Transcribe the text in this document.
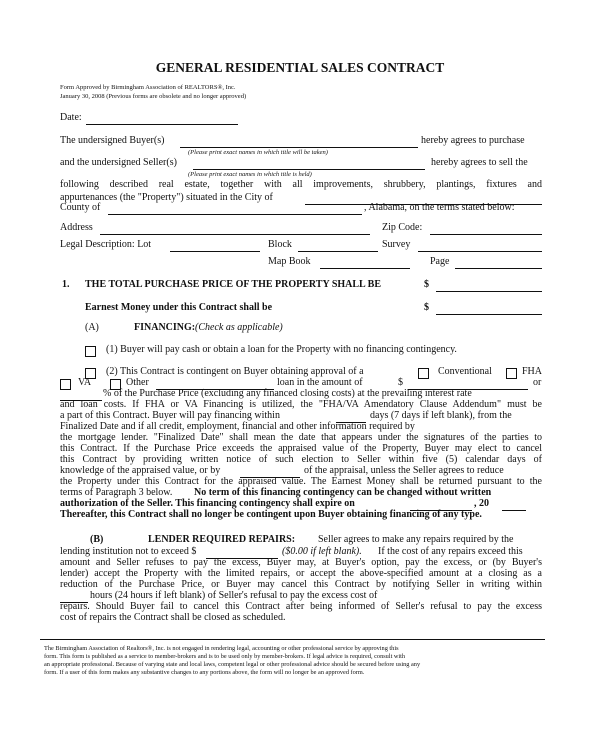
GENERAL RESIDENTIAL SALES CONTRACT
Form Approved by Birmingham Association of REALTORS®, Inc.
January 30, 2008 (Previous forms are obsolete and no longer approved)
Date:
The undersigned Buyer(s)	hereby agrees to purchase
(Please print exact names in which title will be taken)
and the undersigned Seller(s)	hereby agrees to sell the
(Please print exact names in which title is held)
following described real estate, together with all improvements, shrubbery, plantings, fixtures and
appurtenances (the "Property") situated in the City of
County of	, Alabama, on the terms stated below:
Address	Zip Code:
Legal Description: Lot	Block	Survey
Map Book	Page
1. THE TOTAL PURCHASE PRICE OF THE PROPERTY SHALL BE	$
Earnest Money under this Contract shall be	$
(A)	FINANCING: (Check as applicable)
(1) Buyer will pay cash or obtain a loan for the Property with no financing contingency.
(2) This Contract is contingent on Buyer obtaining approval of a	Conventional	FHA
VA	Other	loan in the amount of	$	or
% of the Purchase Price (excluding any financed closing costs) at the prevailing interest rate
and loan costs. If FHA or VA Financing is utilized, the "FHA/VA Amendatory Clause Addendum" must be
a part of this Contract. Buyer will pay financing within	days (7 days if left blank), from the
Finalized Date and if all credit, employment, financial and other information required by
the mortgage lender. "Finalized Date" shall mean the date that appears under the signatures of the parties to
this Contract. If the Purchase Price exceeds the appraised value of the Property, Buyer may elect to cancel
this Contract by providing written notice of such election to Seller within five (5) calendar days of
knowledge of the appraised value, or by	of the appraisal, unless the Seller agrees to reduce
the Property under this Contract for the appraised value. The Earnest Money shall be returned pursuant to the
terms of Paragraph 3 below. No term of this financing contingency can be changed without written
authorization of the Seller. This financing contingency shall expire on	, 20
Thereafter, this Contract shall no longer be contingent upon Buyer obtaining financing of any type.
(B)	LENDER REQUIRED REPAIRS: Seller agrees to make any repairs required by the
lending institution not to exceed $	($0.00 if left blank). If the cost of any repairs exceed this
amount and Seller refuses to pay the excess, Buyer may, at Buyer's option, pay the excess, or (by Buyer's
lender) accept the Property with the limited repairs, or accept the above-specified amount at a closing as a
reduction of the Purchase Price, or Buyer may cancel this Contract by notifying Seller in writing within
hours (24 hours if left blank) of Seller's refusal to pay the excess cost of
repairs. Should Buyer fail to cancel this Contract after being informed of Seller's refusal to pay the excess
cost of repairs the Contract shall be closed as scheduled.
The Birmingham Association of Realtors®, Inc. is not engaged in rendering legal, accounting or other professional service by approving this
form. This form is published as a service to member-brokers and is to be used only by member-brokers. If legal advice is required, consult with
an appropriate professional. Because of varying state and local laws, competent legal or other professional advice should be secured before using any
form. If a user of this form makes any substantive changes to any portions above, the form will no longer be an approved form.
